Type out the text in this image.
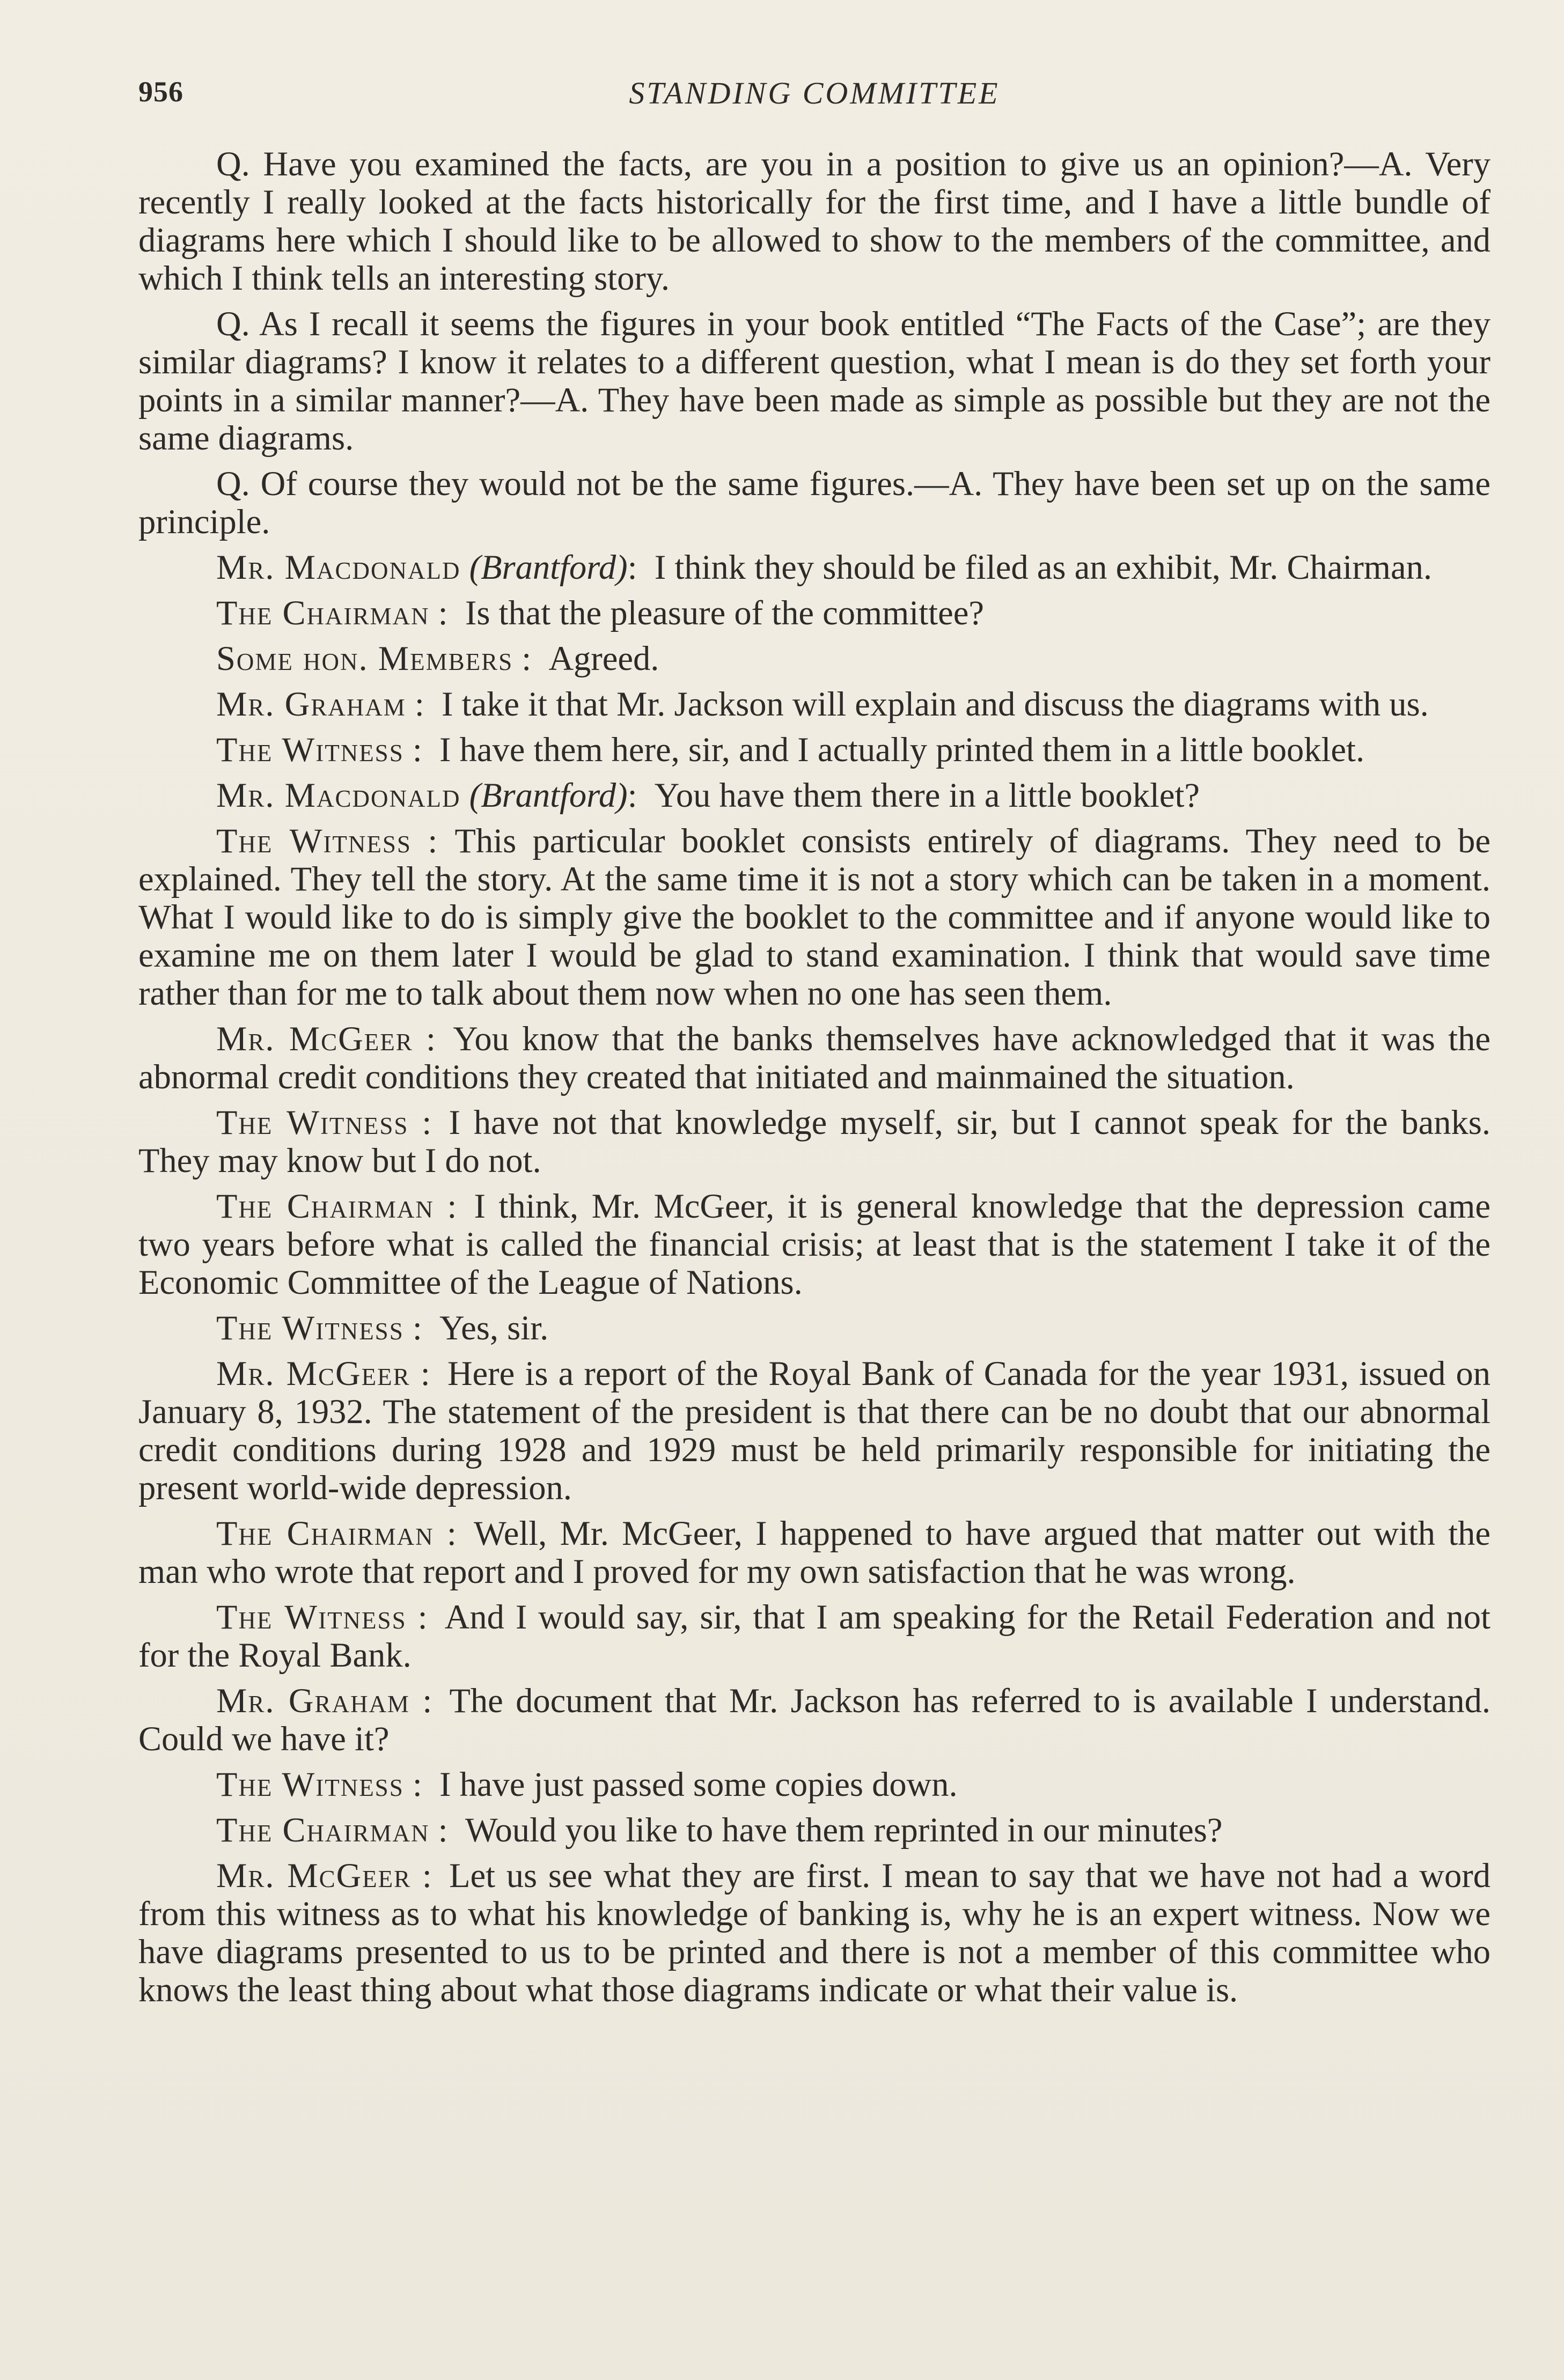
956	STANDING COMMITTEE

Q. Have you examined the facts, are you in a position to give us an opinion?—A. Very recently I really looked at the facts historically for the first time, and I have a little bundle of diagrams here which I should like to be allowed to show to the members of the committee, and which I think tells an interesting story.

Q. As I recall it seems the figures in your book entitled “The Facts of the Case”; are they similar diagrams? I know it relates to a different question, what I mean is do they set forth your points in a similar manner?—A. They have been made as simple as possible but they are not the same diagrams.

Q. Of course they would not be the same figures.—A. They have been set up on the same principle.

Mr. Macdonald (Brantford):  I think they should be filed as an exhibit, Mr. Chairman.

The Chairman :  Is that the pleasure of the committee?

Some hon. Members :  Agreed.

Mr. Graham :  I take it that Mr. Jackson will explain and discuss the diagrams with us.

The Witness :  I have them here, sir, and I actually printed them in a little booklet.

Mr. Macdonald (Brantford):  You have them there in a little booklet?

The Witness :  This particular booklet consists entirely of diagrams. They need to be explained. They tell the story. At the same time it is not a story which can be taken in a moment. What I would like to do is simply give the booklet to the committee and if anyone would like to examine me on them later I would be glad to stand examination. I think that would save time rather than for me to talk about them now when no one has seen them.

Mr. McGeer :  You know that the banks themselves have acknowledged that it was the abnormal credit conditions they created that initiated and mainmained the situation.

The Witness :  I have not that knowledge myself, sir, but I cannot speak for the banks. They may know but I do not.

The Chairman :  I think, Mr. McGeer, it is general knowledge that the depression came two years before what is called the financial crisis; at least that is the statement I take it of the Economic Committee of the League of Nations.

The Witness :  Yes, sir.

Mr. McGeer :  Here is a report of the Royal Bank of Canada for the year 1931, issued on January 8, 1932. The statement of the president is that there can be no doubt that our abnormal credit conditions during 1928 and 1929 must be held primarily responsible for initiating the present world-wide depression.

The Chairman :  Well, Mr. McGeer, I happened to have argued that matter out with the man who wrote that report and I proved for my own satisfaction that he was wrong.

The Witness :  And I would say, sir, that I am speaking for the Retail Federation and not for the Royal Bank.

Mr. Graham :  The document that Mr. Jackson has referred to is available I understand. Could we have it?

The Witness :  I have just passed some copies down.

The Chairman :  Would you like to have them reprinted in our minutes?

Mr. McGeer :  Let us see what they are first. I mean to say that we have not had a word from this witness as to what his knowledge of banking is, why he is an expert witness. Now we have diagrams presented to us to be printed and there is not a member of this committee who knows the least thing about what those diagrams indicate or what their value is.
